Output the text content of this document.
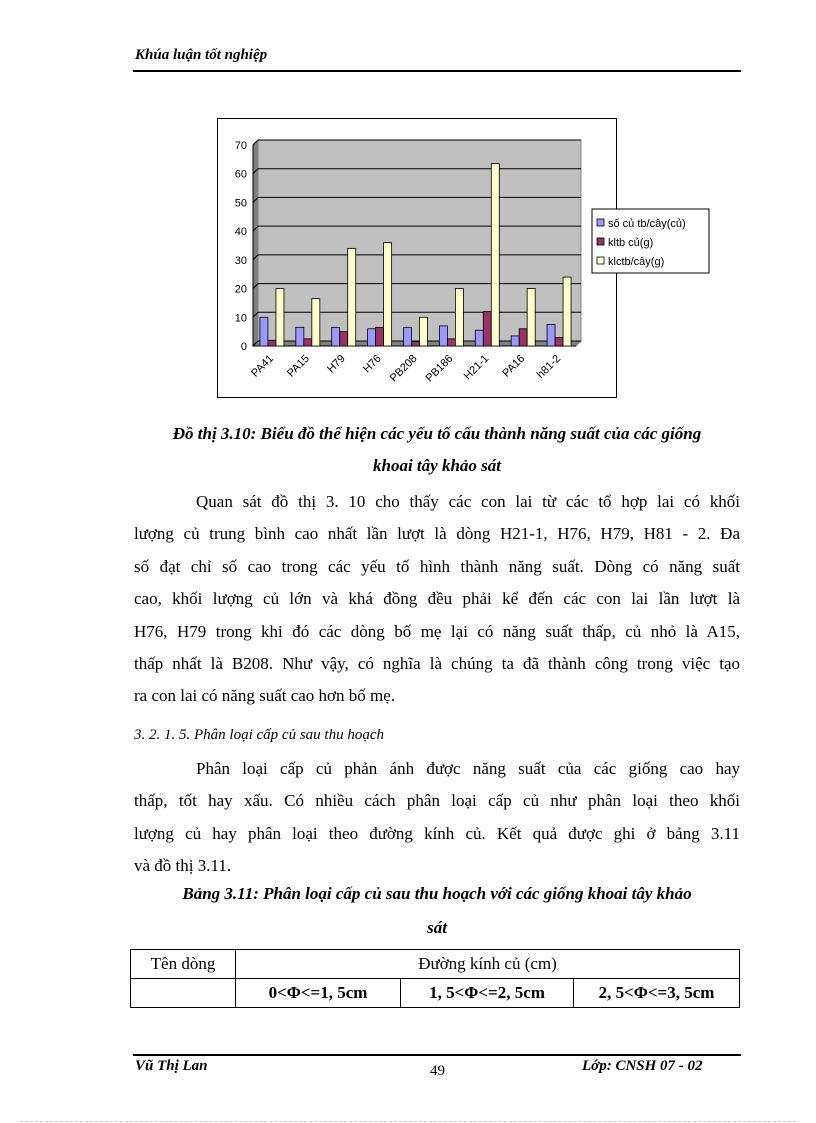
Khúa luận tốt nghiệp
0
10
20
30
40
50
60
70
PA41 PA15 H79 H76 PB208 PB186 H21-1 PA16 h81-2
số củ tb/cây(củ)
kltb củ(g)
klctb/cây(g)
Đồ thị 3.10: Biểu đồ thể hiện các yếu tố cấu thành năng suất của các giống
khoai tây khảo sát
Quan sát đồ thị 3. 10 cho thấy các con lai từ các tổ hợp lai có khối
lượng củ trung bình cao nhất lần lượt là dòng H21-1, H76, H79, H81 - 2. Đa
số đạt chỉ số cao trong các yếu tố hình thành năng suất. Dòng có năng suất
cao, khối lượng củ lớn và khá đồng đều phải kể đến các con lai lần lượt là
H76, H79 trong khi đó các dòng bố mẹ lại có năng suất thấp, củ nhỏ là A15,
thấp nhất là B208. Như vậy, có nghĩa là chúng ta đã thành công trong việc tạo
ra con lai có năng suất cao hơn bố mẹ.
3. 2. 1. 5. Phân loại cấp củ sau thu hoạch
Phân loại cấp củ phản ánh được năng suất của các giống cao hay
thấp, tốt hay xấu. Có nhiều cách phân loại cấp củ như phân loại theo khối
lượng củ hay phân loại theo đường kính củ. Kết quả được ghi ở bảng 3.11
và đồ thị 3.11.
Bảng 3.11: Phân loại cấp củ sau thu hoạch với các giống khoai tây khảo
sát
Tên dòng	Đường kính củ (cm)		
	0<Φ<=1, 5cm	1, 5<Φ<=2, 5cm	2, 5<Φ<=3, 5cm
Vũ Thị Lan	49	Lớp: CNSH 07 - 02
